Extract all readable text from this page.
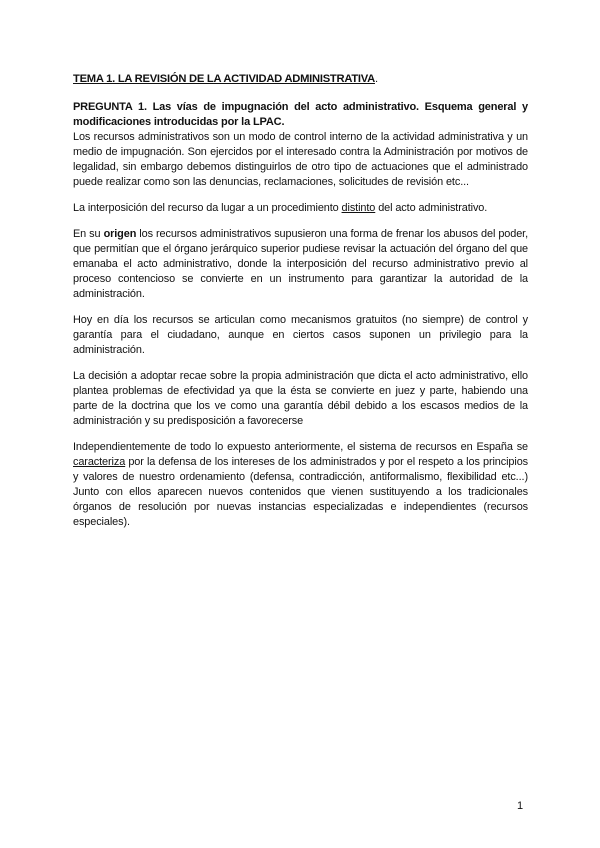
TEMA 1. LA REVISIÓN DE LA ACTIVIDAD ADMINISTRATIVA.

PREGUNTA 1. Las vías de impugnación del acto administrativo. Esquema general y modificaciones introducidas por la LPAC.

Los recursos administrativos son un modo de control interno de la actividad administrativa y un medio de impugnación. Son ejercidos por el interesado contra la Administración por motivos de legalidad, sin embargo debemos distinguirlos de otro tipo de actuaciones que el administrado puede realizar como son las denuncias, reclamaciones, solicitudes de revisión etc...

La interposición del recurso da lugar a un procedimiento distinto del acto administrativo.

En su origen los recursos administrativos supusieron una forma de frenar los abusos del poder, que permitían que el órgano jerárquico superior pudiese revisar la actuación del órgano del que emanaba el acto administrativo, donde la interposición del recurso administrativo previo al proceso contencioso se convierte en un instrumento para garantizar la autoridad de la administración.

Hoy en día los recursos se articulan como mecanismos gratuitos (no siempre) de control y garantía para el ciudadano, aunque en ciertos casos suponen un privilegio para la administración.

La decisión a adoptar recae sobre la propia administración que dicta el acto administrativo, ello plantea problemas de efectividad ya que la ésta se convierte en juez y parte, habiendo una parte de la doctrina que los ve como una garantía débil debido a los escasos medios de la administración y su predisposición a favorecerse

Independientemente de todo lo expuesto anteriormente, el sistema de recursos en España se caracteriza por la defensa de los intereses de los administrados y por el respeto a los principios y valores de nuestro ordenamiento (defensa, contradicción, antiformalismo, flexibilidad etc...) Junto con ellos aparecen nuevos contenidos que vienen sustituyendo a los tradicionales órganos de resolución por nuevas instancias especializadas e independientes (recursos especiales).

1
